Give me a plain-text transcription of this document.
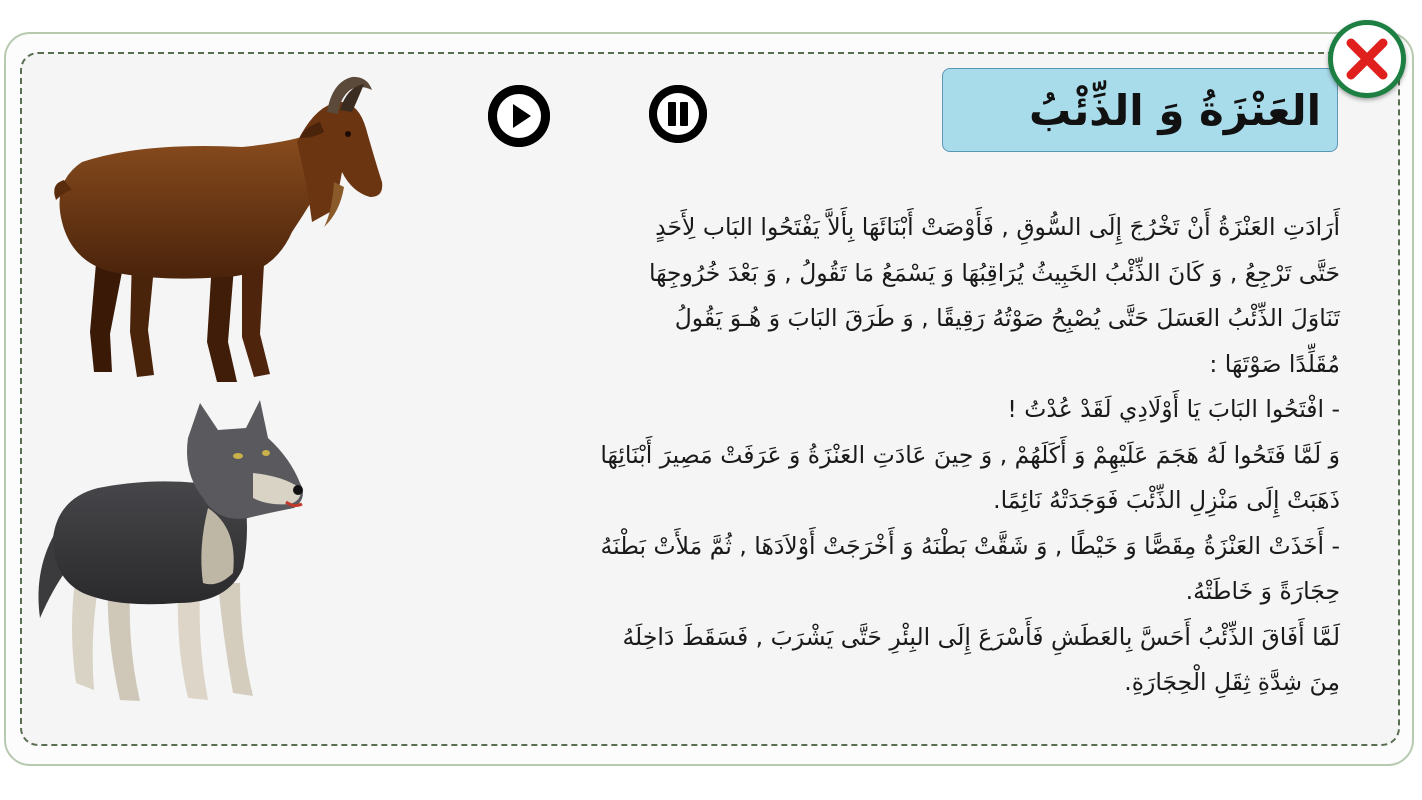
العَنْزَةُ وَ الذِّئْبُ

أَرَادَتِ العَنْزَةُ أَنْ تَخْرُجَ إِلَى السُّوقِ , فَأَوْصَتْ أَبْنَائَهَا بِأَلاَّ يَفْتَحُوا البَاب لِأَحَدٍ

حَتَّى تَرْجِعُ , وَ كَانَ الذِّئْبُ الخَبِيثُ يُرَاقِبُهَا وَ يَسْمَعُ مَا تَقُولُ , وَ بَعْدَ خُرُوجِهَا

تَنَاوَلَ الذِّئْبُ العَسَلَ حَتَّى يُصْبِحُ صَوْتُهُ رَقِيقًا , وَ طَرَقَ البَابَ وَ هُـوَ يَقُولُ

مُقَلِّدًا صَوْتَهَا :

- افْتَحُوا البَابَ يَا أَوْلَادِي لَقَدْ عُدْتُ !

وَ لَمَّا فَتَحُوا لَهُ هَجَمَ عَلَيْهِمْ وَ أَكَلَهُمْ , وَ حِينَ عَادَتِ العَنْزَةُ وَ عَرَفَتْ مَصِيرَ أَبْنَائِهَا

ذَهَبَتْ إِلَى مَنْزِلِ الذِّئْبَ فَوَجَدَتْهُ نَائِمًا.

- أَخَذَتْ العَنْزَةُ مِقَصًّا وَ خَيْطًا , وَ شَقَّتْ بَطْنَهُ وَ أَخْرَجَتْ أَوْلاَدَهَا , ثُمَّ مَلأَتْ بَطْنَهُ

حِجَارَةً وَ خَاطَتْهُ.

لَمَّا أَفَاقَ الذِّئْبُ أَحَسَّ بِالعَطَشِ فَأَسْرَعَ إِلَى البِئْرِ حَتَّى يَشْرَبَ , فَسَقَطَ دَاخِلَهُ

مِنَ شِدَّةِ ثِقَلِ الْحِجَارَةِ.
